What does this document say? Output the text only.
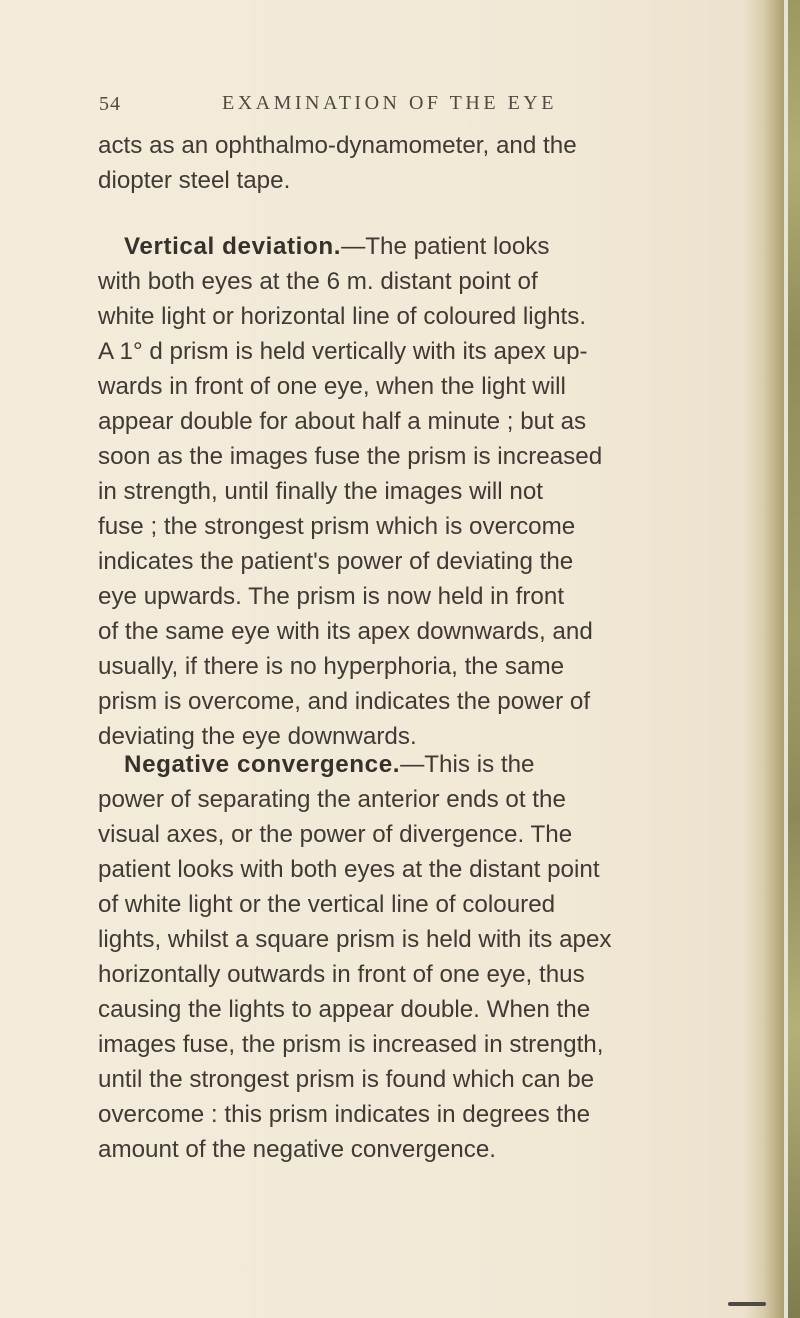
54	EXAMINATION OF THE EYE
acts as an ophthalmo-dynamometer, and the
diopter steel tape.
Vertical deviation.—The patient looks
with both eyes at the 6 m. distant point of
white light or horizontal line of coloured lights.
A 1° d prism is held vertically with its apex up-
wards in front of one eye, when the light will
appear double for about half a minute ; but as
soon as the images fuse the prism is increased
in strength, until finally the images will not
fuse ; the strongest prism which is overcome
indicates the patient's power of deviating the
eye upwards. The prism is now held in front
of the same eye with its apex downwards, and
usually, if there is no hyperphoria, the same
prism is overcome, and indicates the power of
deviating the eye downwards.
Negative convergence.—This is the
power of separating the anterior ends ot the
visual axes, or the power of divergence. The
patient looks with both eyes at the distant point
of white light or the vertical line of coloured
lights, whilst a square prism is held with its apex
horizontally outwards in front of one eye, thus
causing the lights to appear double. When the
images fuse, the prism is increased in strength,
until the strongest prism is found which can be
overcome : this prism indicates in degrees the
amount of the negative convergence.
